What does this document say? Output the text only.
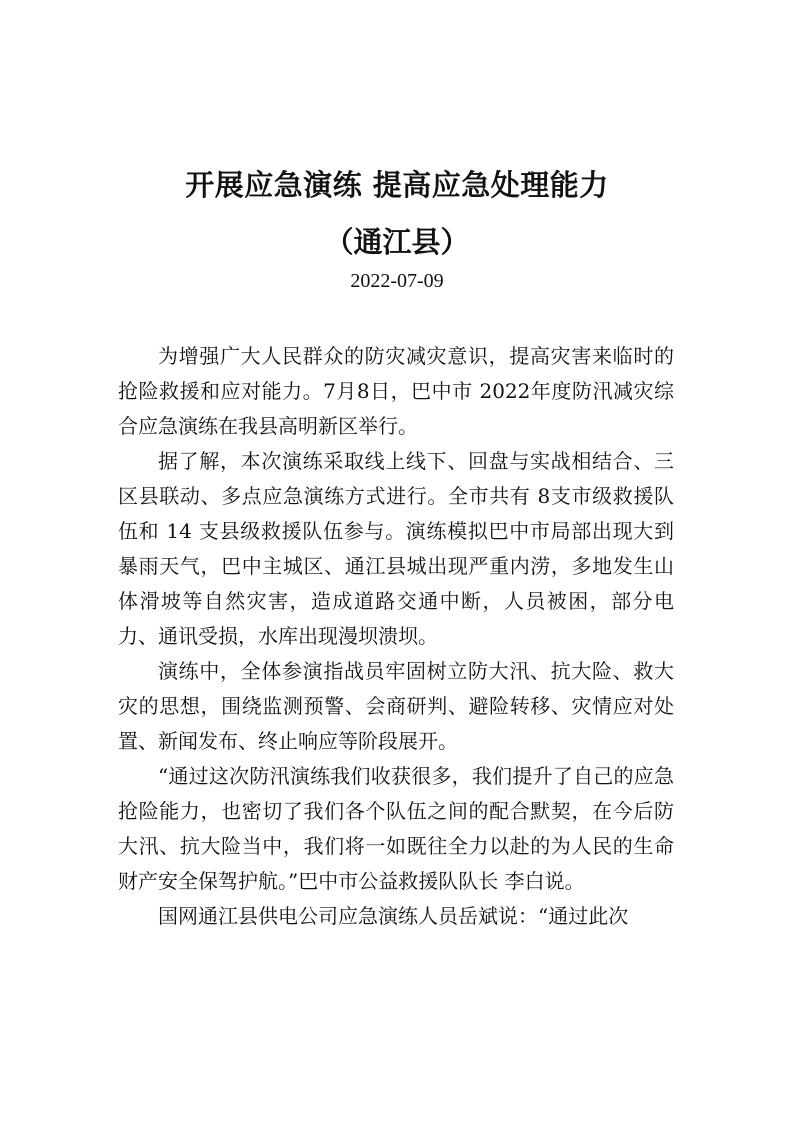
开展应急演练 提高应急处理能力
（通江县）
2022-07-09

为增强广大人民群众的防灾减灾意识，提高灾害来临时的抢险救援和应对能力。7月8日，巴中市 2022年度防汛减灾综合应急演练在我县高明新区举行。

据了解，本次演练采取线上线下、回盘与实战相结合、三区县联动、多点应急演练方式进行。全市共有 8支市级救援队伍和 14 支县级救援队伍参与。演练模拟巴中市局部出现大到暴雨天气，巴中主城区、通江县城出现严重内涝，多地发生山体滑坡等自然灾害，造成道路交通中断，人员被困，部分电力、通讯受损，水库出现漫坝溃坝。

演练中，全体参演指战员牢固树立防大汛、抗大险、救大灾的思想，围绕监测预警、会商研判、避险转移、灾情应对处置、新闻发布、终止响应等阶段展开。

“通过这次防汛演练我们收获很多，我们提升了自己的应急抢险能力，也密切了我们各个队伍之间的配合默契，在今后防大汛、抗大险当中，我们将一如既往全力以赴的为人民的生命财产安全保驾护航。”巴中市公益救援队队长 李白说。

国网通江县供电公司应急演练人员岳斌说：“通过此次
